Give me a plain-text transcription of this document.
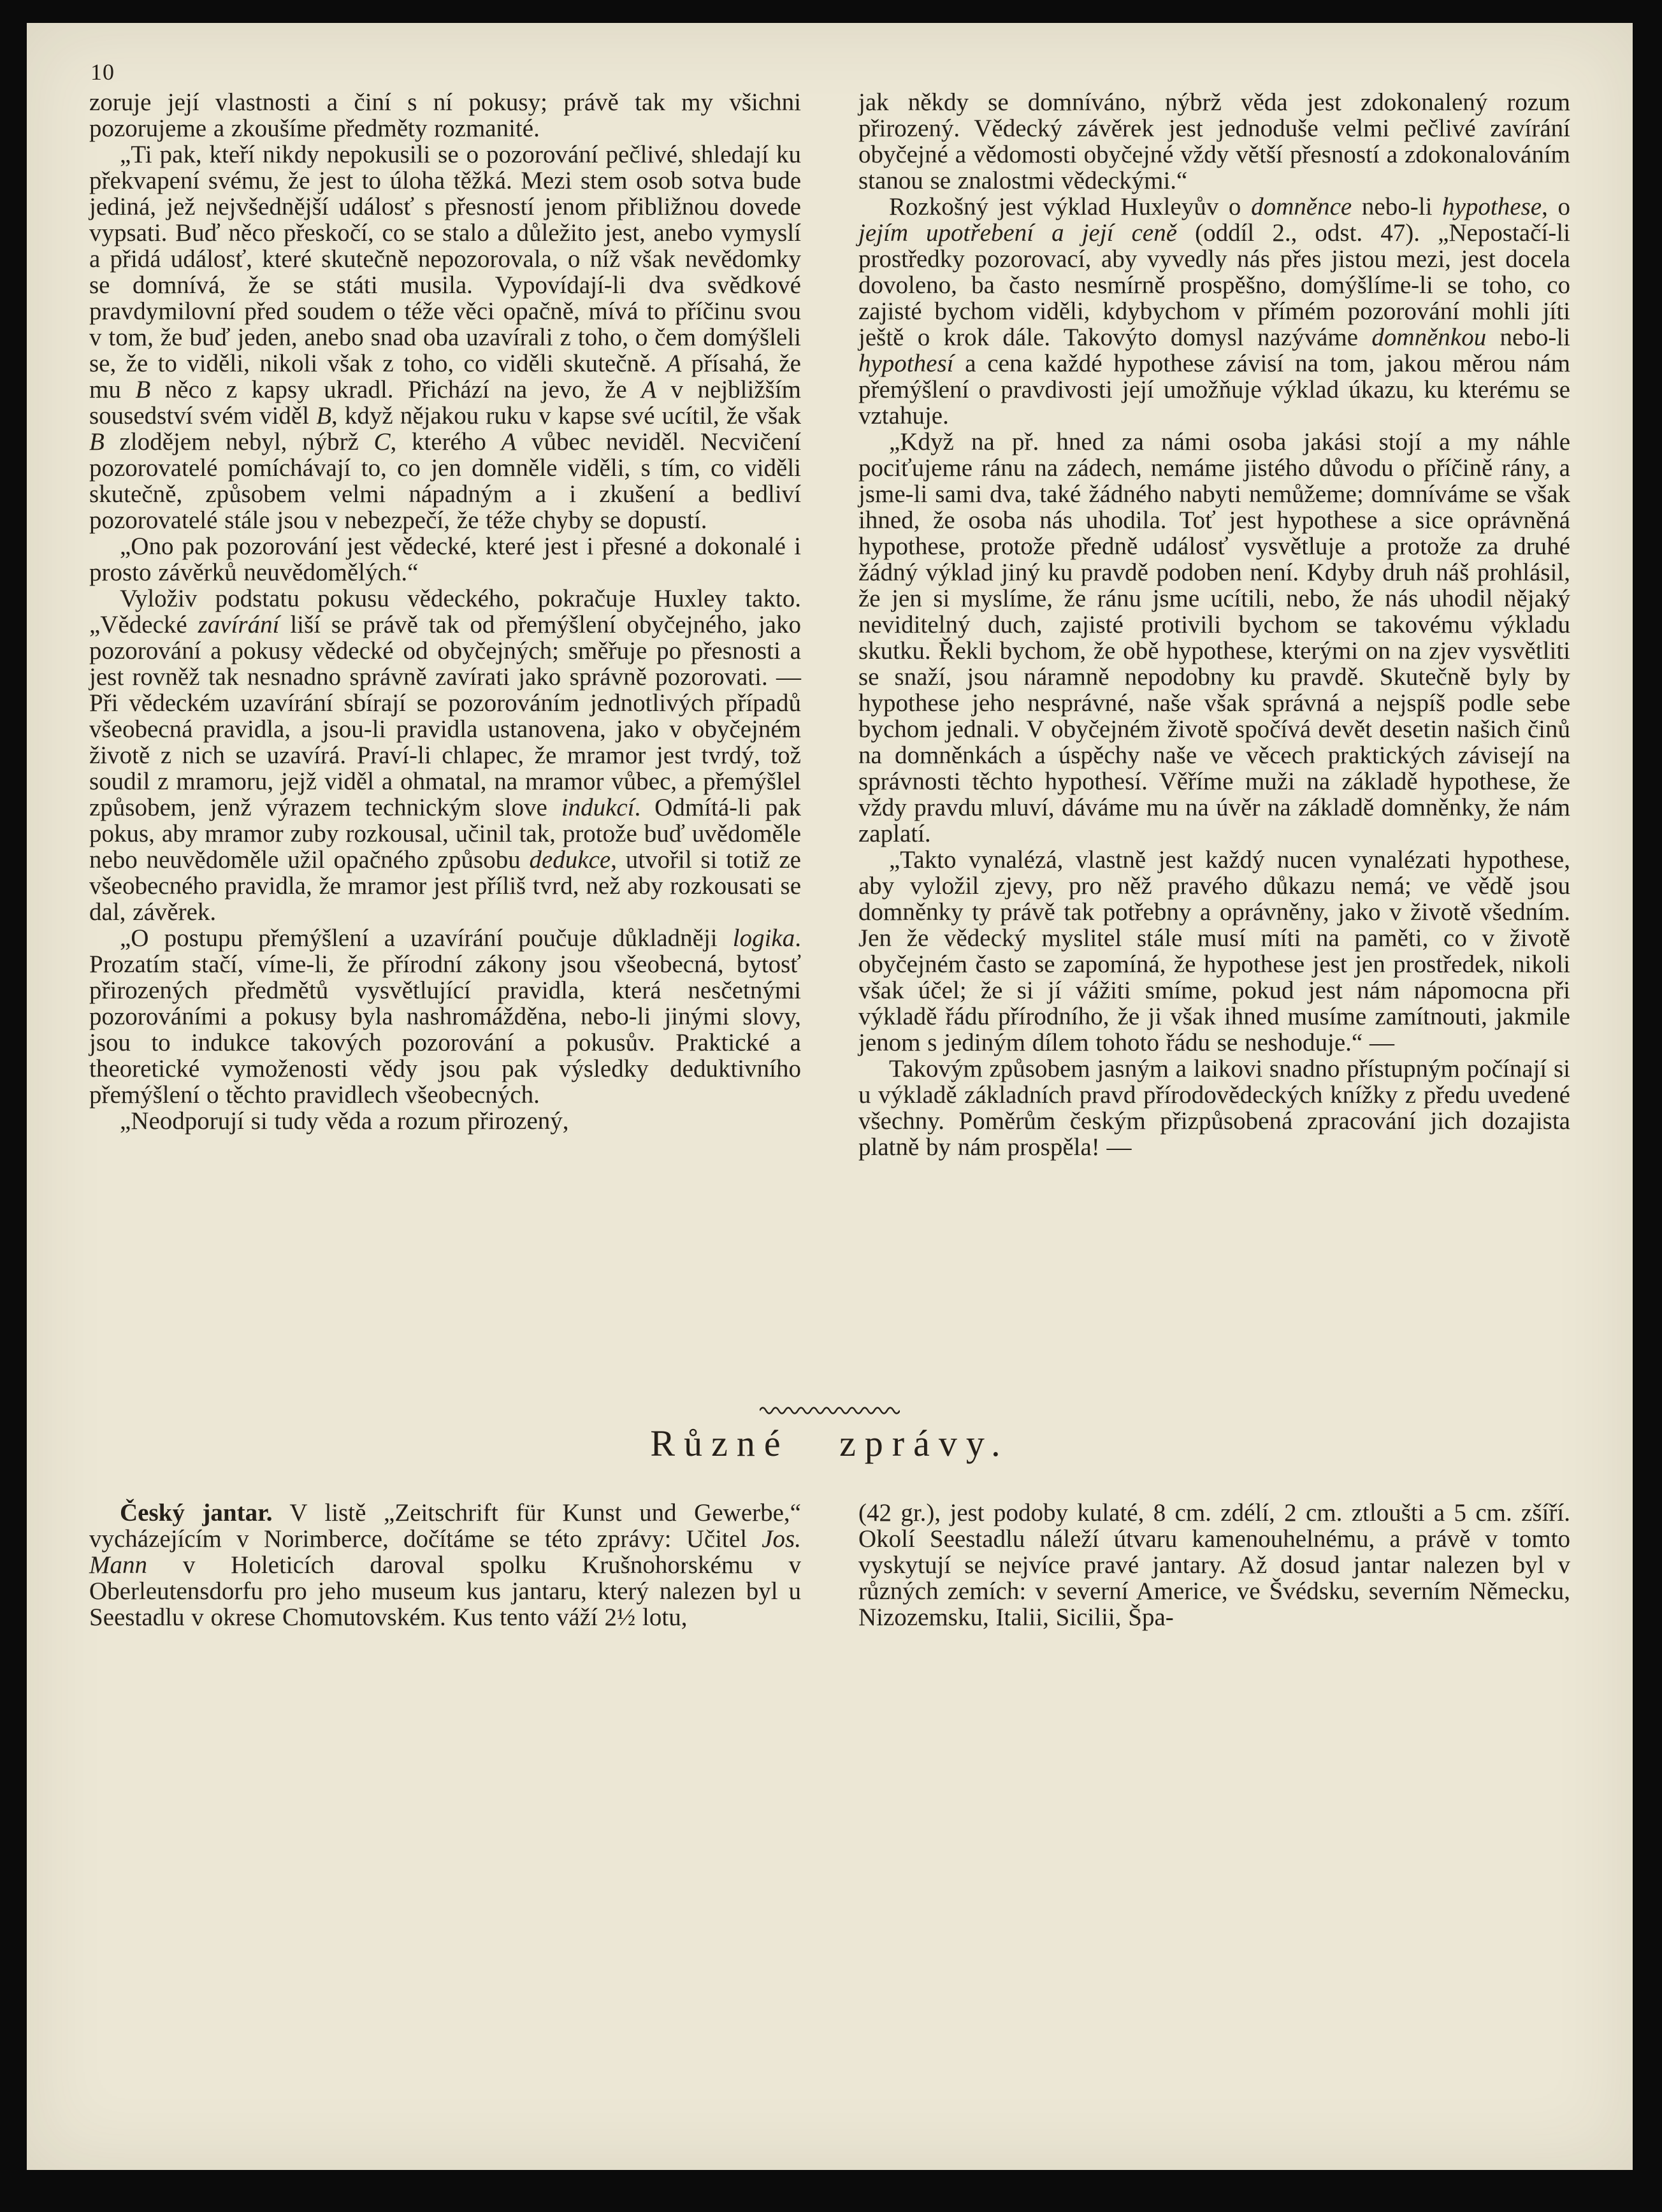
10

zoruje její vlastnosti a činí s ní pokusy; právě tak my všichni pozorujeme a zkoušíme předměty rozmanité.

„Ti pak, kteří nikdy nepokusili se o pozorování pečlivé, shledají ku překvapení svému, že jest to úloha těžká. Mezi stem osob sotva bude jediná, jež nejvšednější událosť s přesností jenom přibližnou dovede vypsati. Buď něco přeskočí, co se stalo a důležito jest, anebo vymyslí a přidá událosť, které skutečně nepozorovala, o níž však nevědomky se domnívá, že se státi musila. Vypovídají-li dva svědkové pravdymilovní před soudem o téže věci opačně, mívá to příčinu svou v tom, že buď jeden, anebo snad oba uzavírali z toho, o čem domýšleli se, že to viděli, nikoli však z toho, co viděli skutečně. A přísahá, že mu B něco z kapsy ukradl. Přichází na jevo, že A v nejbližším sousedství svém viděl B, když nějakou ruku v kapse své ucítil, že však B zlodějem nebyl, nýbrž C, kterého A vůbec neviděl. Necvičení pozorovatelé pomíchávají to, co jen domněle viděli, s tím, co viděli skutečně, způsobem velmi nápadným a i zkušení a bedliví pozorovatelé stále jsou v nebezpečí, že téže chyby se dopustí.

„Ono pak pozorování jest vědecké, které jest i přesné a dokonalé i prosto závěrků neuvědomělých.“

Vyloživ podstatu pokusu vědeckého, pokračuje Huxley takto. „Vědecké zavírání liší se právě tak od přemýšlení obyčejného, jako pozorování a pokusy vědecké od obyčejných; směřuje po přesnosti a jest rovněž tak nesnadno správně zavírati jako správně pozorovati. — Při vědeckém uzavírání sbírají se pozorováním jednotlivých případů všeobecná pravidla, a jsou-li pravidla ustanovena, jako v obyčejném životě z nich se uzavírá. Praví-li chlapec, že mramor jest tvrdý, tož soudil z mramoru, jejž viděl a ohmatal, na mramor vůbec, a přemýšlel způsobem, jenž výrazem technickým slove indukcí. Odmítá-li pak pokus, aby mramor zuby rozkousal, učinil tak, protože buď uvědoměle nebo neuvědoměle užil opačného způsobu dedukce, utvořil si totiž ze všeobecného pravidla, že mramor jest příliš tvrd, než aby rozkousati se dal, závěrek.

„O postupu přemýšlení a uzavírání poučuje důkladněji logika. Prozatím stačí, víme-li, že přírodní zákony jsou všeobecná, bytosť přirozených předmětů vysvětlující pravidla, která nesčetnými pozorováními a pokusy byla nashromážděna, nebo-li jinými slovy, jsou to indukce takových pozorování a pokusův. Praktické a theoretické vymoženosti vědy jsou pak výsledky deduktivního přemýšlení o těchto pravidlech všeobecných.

„Neodporují si tudy věda a rozum přirozený,

jak někdy se domníváno, nýbrž věda jest zdokonalený rozum přirozený. Vědecký závěrek jest jednoduše velmi pečlivé zavírání obyčejné a vědomosti obyčejné vždy větší přesností a zdokonalováním stanou se znalostmi vědeckými.“

Rozkošný jest výklad Huxleyův o domněnce nebo-li hypothese, o jejím upotřebení a její ceně (oddíl 2., odst. 47). „Nepostačí-li prostředky pozorovací, aby vyvedly nás přes jistou mezi, jest docela dovoleno, ba často nesmírně prospěšno, domýšlíme-li se toho, co zajisté bychom viděli, kdybychom v přímém pozorování mohli jíti ještě o krok dále. Takovýto domysl nazýváme domněnkou nebo-li hypothesí a cena každé hypothese závisí na tom, jakou měrou nám přemýšlení o pravdivosti její umožňuje výklad úkazu, ku kterému se vztahuje.

„Když na př. hned za námi osoba jakási stojí a my náhle pociťujeme ránu na zádech, nemáme jistého důvodu o příčině rány, a jsme-li sami dva, také žádného nabyti nemůžeme; domníváme se však ihned, že osoba nás uhodila. Toť jest hypothese a sice oprávněná hypothese, protože předně událosť vysvětluje a protože za druhé žádný výklad jiný ku pravdě podoben není. Kdyby druh náš prohlásil, že jen si myslíme, že ránu jsme ucítili, nebo, že nás uhodil nějaký neviditelný duch, zajisté protivili bychom se takovému výkladu skutku. Řekli bychom, že obě hypothese, kterými on na zjev vysvětliti se snaží, jsou náramně nepodobny ku pravdě. Skutečně byly by hypothese jeho nesprávné, naše však správná a nejspíš podle sebe bychom jednali. V obyčejném životě spočívá devět desetin našich činů na domněnkách a úspěchy naše ve věcech praktických závisejí na správnosti těchto hypothesí. Věříme muži na základě hypothese, že vždy pravdu mluví, dáváme mu na úvěr na základě domněnky, že nám zaplatí.

„Takto vynalézá, vlastně jest každý nucen vynalézati hypothese, aby vyložil zjevy, pro něž pravého důkazu nemá; ve vědě jsou domněnky ty právě tak potřebny a oprávněny, jako v životě všedním. Jen že vědecký myslitel stále musí míti na paměti, co v životě obyčejném často se zapomíná, že hypothese jest jen prostředek, nikoli však účel; že si jí vážiti smíme, pokud jest nám nápomocna při výkladě řádu přírodního, že ji však ihned musíme zamítnouti, jakmile jenom s jediným dílem tohoto řádu se neshoduje.“ —

Takovým způsobem jasným a laikovi snadno přístupným počínají si u výkladě základních pravd přírodovědeckých knížky z předu uvedené všechny. Poměrům českým přizpůsobená zpracování jich dozajista platně by nám prospěla! —

Různé zprávy.

Český jantar. V listě „Zeitschrift für Kunst und Gewerbe,“ vycházejícím v Norimberce, dočítáme se této zprávy: Učitel Jos. Mann v Holeticích daroval spolku Krušnohorskému v Oberleutensdorfu pro jeho museum kus jantaru, který nalezen byl u Seestadlu v okrese Chomutovském. Kus tento váží 2½ lotu,

(42 gr.), jest podoby kulaté, 8 cm. zdélí, 2 cm. ztloušti a 5 cm. zšíří. Okolí Seestadlu náleží útvaru kamenouhelnému, a právě v tomto vyskytují se nejvíce pravé jantary. Až dosud jantar nalezen byl v různých zemích: v severní Americe, ve Švédsku, severním Německu, Nizozemsku, Italii, Sicilii, Špa-
